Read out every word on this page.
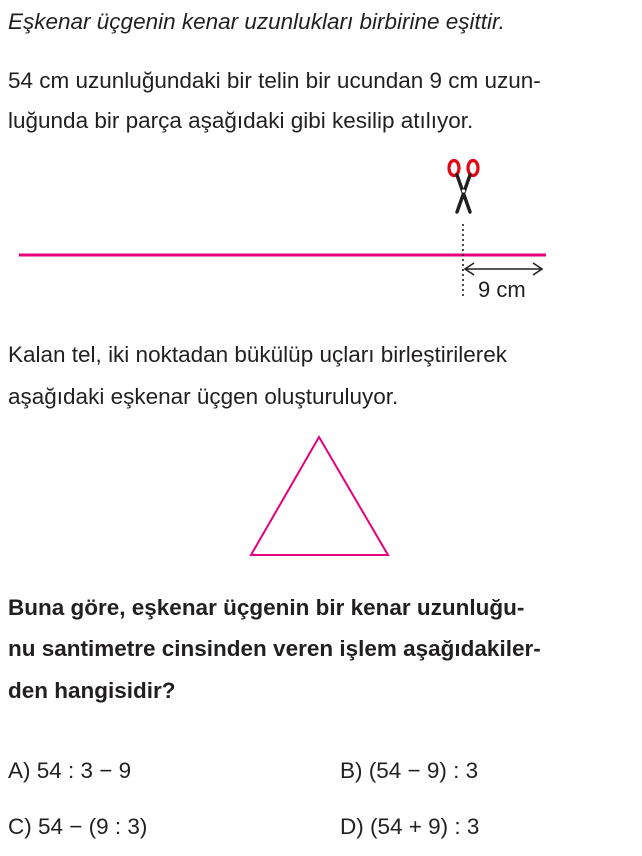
Eşkenar üçgenin kenar uzunlukları birbirine eşittir.
54 cm uzunluğundaki bir telin bir ucundan 9 cm uzun-
luğunda bir parça aşağıdaki gibi kesilip atılıyor.
9 cm
Kalan tel, iki noktadan bükülüp uçları birleştirilerek
aşağıdaki eşkenar üçgen oluşturuluyor.
Buna göre, eşkenar üçgenin bir kenar uzunluğu-
nu santimetre cinsinden veren işlem aşağıdakiler-
den hangisidir?
A) 54 : 3 − 9	B) (54 − 9) : 3
C) 54 − (9 : 3)	D) (54 + 9) : 3
